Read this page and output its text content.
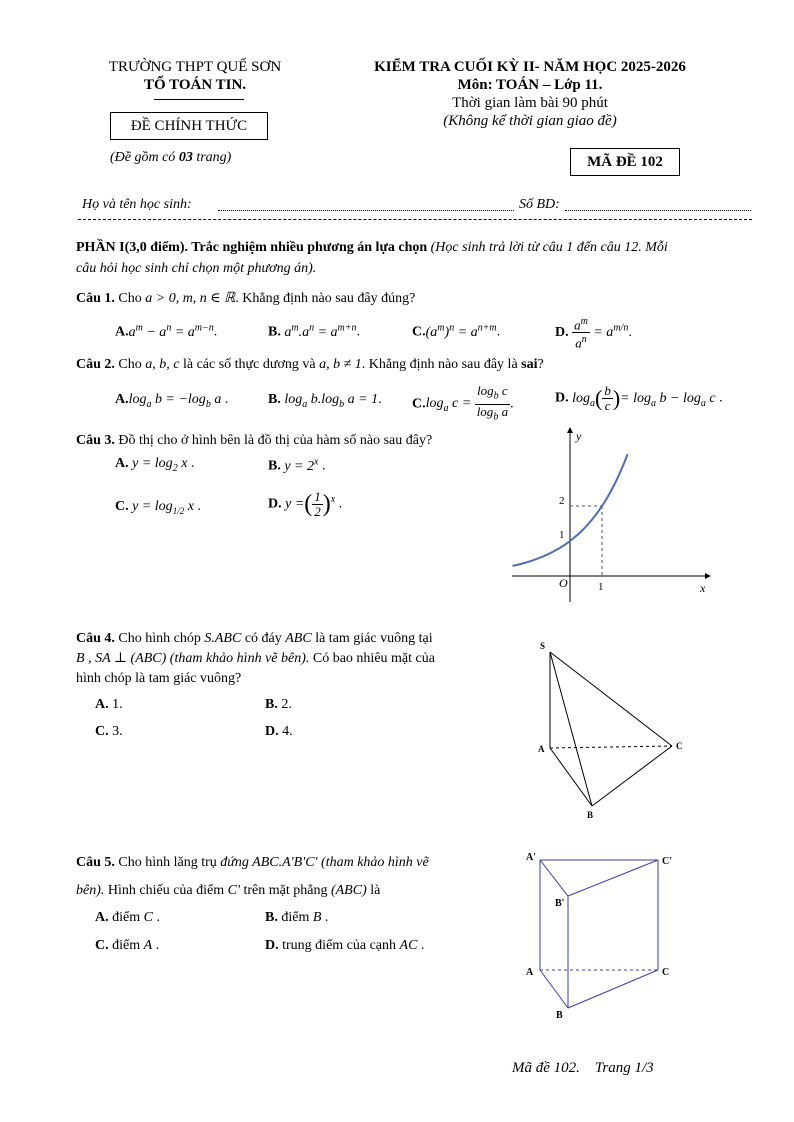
TRƯỜNG THPT QUẾ SƠN
TỔ TOÁN TIN.
ĐỀ CHÍNH THỨC
(Đề gồm có 03 trang)
KIỂM TRA CUỐI KỲ II- NĂM HỌC 2025-2026
Môn: TOÁN – Lớp 11.
Thời gian làm bài 90 phút
(Không kể thời gian giao đề)
MÃ ĐỀ 102
Họ và tên học sinh:	Số BD:
PHẦN I(3,0 điểm). Trắc nghiệm nhiều phương án lựa chọn (Học sinh trả lời từ câu 1 đến câu 12. Mỗi
câu hỏi học sinh chỉ chọn một phương án).
Câu 1. Cho a > 0, m, n ∈ ℝ. Khẳng định nào sau đây đúng?
$A.a^m - a^n = a^{m-n}$.	B. $a^m.a^n = a^{m+n}$.	$C.(a^m)^n = a^{n+m}$.	D. $\frac{a^m}{a^n} = a^{m/n}$.
Câu 2. Cho a, b, c là các số thực dương và a, b ≠ 1. Khẳng định nào sau đây là sai?
$A.\log_a$ $b = -\log_b$ a .	B. $\log_a b.\log_b$ a = 1. $C.\log_a$ $c = \frac{\log_b c}{\log_b a}$ .	D. $\log_a( \frac{b}{c}$ )= $\log_a b - \log_a c$ .
Câu 3. Đồ thị cho ở hình bên là đồ thị của hàm số nào sau đây?
A. $y = \log_2 x$ .	B. $y = 2^x$ .
C. $y = \log_{1/2} x$ .	D. y =( $\frac{1}{2} )^x$ .
y
x
O	1
1
2
Câu 4. Cho hình chóp S.ABC có đáy ABC là tam giác vuông tại
B , SA ⊥ (ABC) (tham khảo hình vẽ bên). Có bao nhiêu mặt của
hình chóp là tam giác vuông?
A. 1.	B. 2.
C. 3.	D. 4.
S
A
B
C
Câu 5. Cho hình lăng trụ đứng ABC.A'B'C' (tham khảo hình vẽ
bên). Hình chiếu của điểm C' trên mặt phẳng (ABC) là
A. điểm C .	B. điểm B .
C. điểm A .	D. trung điểm của cạnh AC .
A'
B'
C'
A
B
C
Mã đề 102. Trang 1/3
